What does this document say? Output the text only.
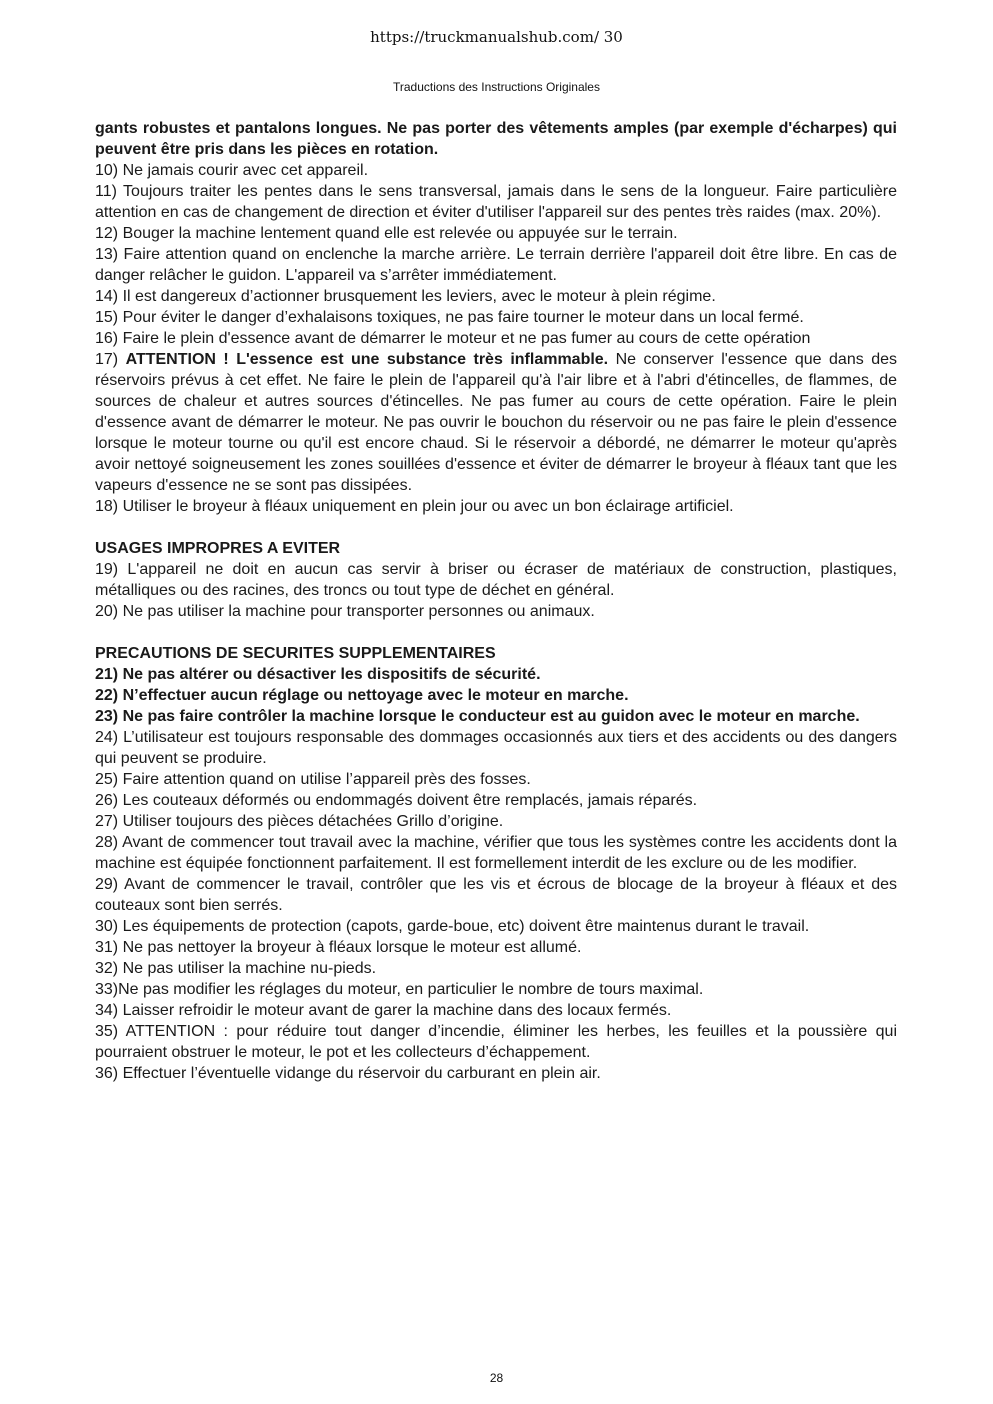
https://truckmanualshub.com/ 30
Traductions des Instructions Originales

gants robustes et pantalons longues. Ne pas porter des vêtements amples (par exemple d'écharpes) qui peuvent être pris dans les pièces en rotation.

10) Ne jamais courir avec cet appareil.

11) Toujours traiter les pentes dans le sens transversal, jamais dans le sens de la longueur. Faire particulière attention en cas de changement de direction et éviter d'utiliser l'appareil sur des pentes très raides (max. 20%).

12) Bouger la machine lentement quand elle est relevée ou appuyée sur le terrain.

13) Faire attention quand on enclenche la marche arrière. Le terrain derrière l'appareil doit être libre. En cas de danger relâcher le guidon. L'appareil va s’arrêter immédiatement.

14) Il est dangereux d’actionner brusquement les leviers, avec le moteur à plein régime.

15) Pour éviter le danger d’exhalaisons toxiques, ne pas faire tourner le moteur dans un local fermé.

16) Faire le plein d'essence avant de démarrer le moteur et ne pas fumer au cours de cette opération

17) ATTENTION ! L'essence est une substance très inflammable. Ne conserver l'essence que dans des réservoirs prévus à cet effet. Ne faire le plein de l'appareil qu'à l'air libre et à l'abri d'étincelles, de flammes, de sources de chaleur et autres sources d'étincelles. Ne pas fumer au cours de cette opération. Faire le plein d'essence avant de démarrer le moteur. Ne pas ouvrir le bouchon du réservoir ou ne pas faire le plein d'essence lorsque le moteur tourne ou qu'il est encore chaud. Si le réservoir a débordé, ne démarrer le moteur qu'après avoir nettoyé soigneusement les zones souillées d'essence et éviter de démarrer le broyeur à fléaux tant que les vapeurs d'essence ne se sont pas dissipées.

18) Utiliser le broyeur à fléaux uniquement en plein jour ou avec un bon éclairage artificiel.

USAGES IMPROPRES A EVITER

19) L'appareil ne doit en aucun cas servir à briser ou écraser de matériaux de construction, plastiques, métalliques ou des racines, des troncs ou tout type de déchet en général.

20) Ne pas utiliser la machine pour transporter personnes ou animaux.

PRECAUTIONS DE SECURITES SUPPLEMENTAIRES

21) Ne pas altérer ou désactiver les dispositifs de sécurité.

22) N’effectuer aucun réglage ou nettoyage avec le moteur en marche.

23) Ne pas faire contrôler la machine lorsque le conducteur est au guidon avec le moteur en marche.

24) L’utilisateur est toujours responsable des dommages occasionnés aux tiers et des accidents ou des dangers qui peuvent se produire.

25) Faire attention quand on utilise l’appareil près des fosses.

26) Les couteaux déformés ou endommagés doivent être remplacés, jamais réparés.

27) Utiliser toujours des pièces détachées Grillo d’origine.

28) Avant de commencer tout travail avec la machine, vérifier que tous les systèmes contre les accidents dont la machine est équipée fonctionnent parfaitement. Il est formellement interdit de les exclure ou de les modifier.

29) Avant de commencer le travail, contrôler que les vis et écrous de blocage de la broyeur à fléaux et des couteaux sont bien serrés.

30) Les équipements de protection (capots, garde-boue, etc) doivent être maintenus durant le travail.

31) Ne pas nettoyer la broyeur à fléaux lorsque le moteur est allumé.

32) Ne pas utiliser la machine nu-pieds.

33)Ne pas modifier les réglages du moteur, en particulier le nombre de tours maximal.

34) Laisser refroidir le moteur avant de garer la machine dans des locaux fermés.

35) ATTENTION : pour réduire tout danger d’incendie, éliminer les herbes, les feuilles et la poussière qui pourraient obstruer le moteur, le pot et les collecteurs d’échappement.

36) Effectuer l’éventuelle vidange du réservoir du carburant en plein air.

28
